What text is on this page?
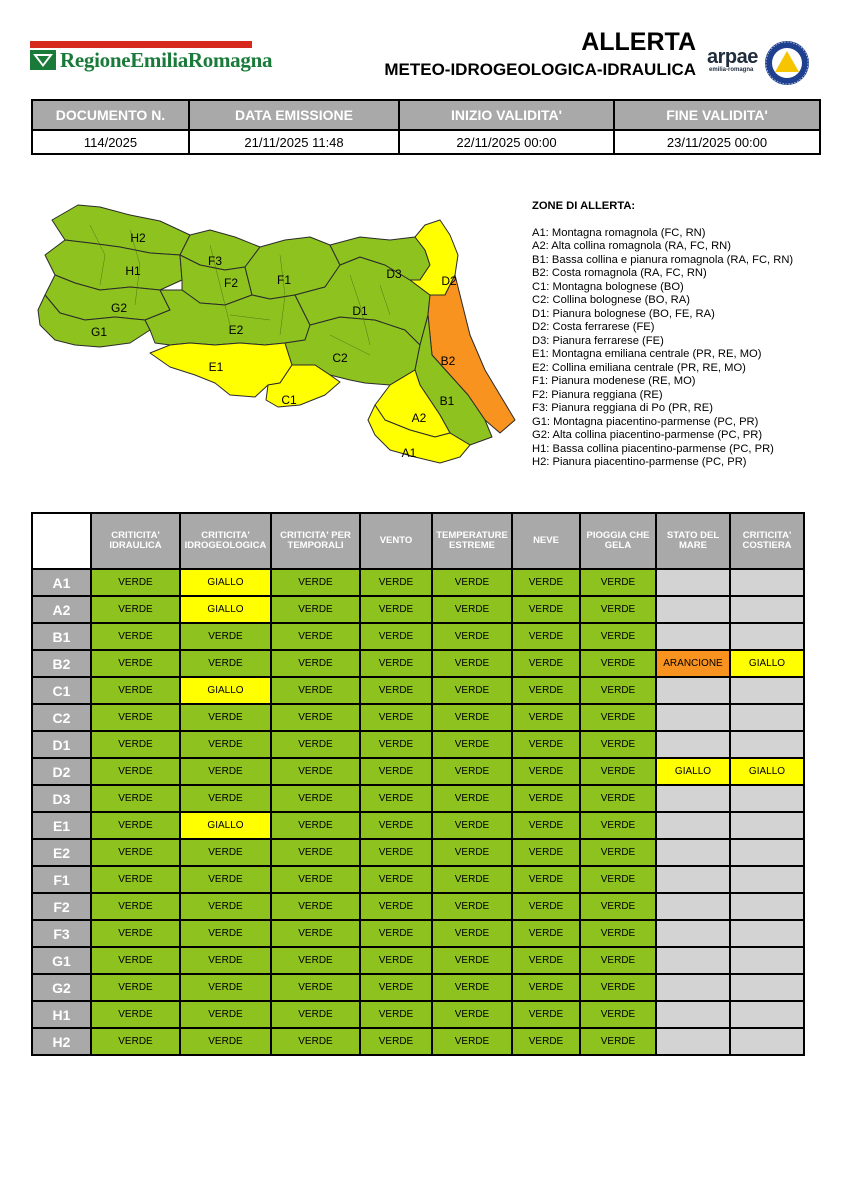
RegioneEmiliaRomagna
ALLERTA
METEO-IDROGEOLOGICA-IDRAULICA
arpae
emilia-romagna
DOCUMENTO N.	DATA EMISSIONE	INIZIO VALIDITA'	FINE VALIDITA'
114/2025	21/11/2025 11:48	22/11/2025 00:00	23/11/2025 00:00
H2
H1
G2
G1
F3
F2	F1
E2
E1
C1
C2
D1
D3	D2
B2
B1
A2
A1
ZONE DI ALLERTA:
A1: Montagna romagnola (FC, RN)
A2: Alta collina romagnola (RA, FC, RN)
B1: Bassa collina e pianura romagnola (RA, FC, RN)
B2: Costa romagnola (RA, FC, RN)
C1: Montagna bolognese (BO)
C2: Collina bolognese (BO, RA)
D1: Pianura bolognese (BO, FE, RA)
D2: Costa ferrarese (FE)
D3: Pianura ferrarese (FE)
E1: Montagna emiliana centrale (PR, RE, MO)
E2: Collina emiliana centrale (PR, RE, MO)
F1: Pianura modenese (RE, MO)
F2: Pianura reggiana (RE)
F3: Pianura reggiana di Po (PR, RE)
G1: Montagna piacentino-parmense (PC, PR)
G2: Alta collina piacentino-parmense (PC, PR)
H1: Bassa collina piacentino-parmense (PC, PR)
H2: Pianura piacentino-parmense (PC, PR)
	CRITICITA' IDRAULICA	CRITICITA' IDROGEOLOGICA	CRITICITA' PER TEMPORALI	VENTO	TEMPERATURE ESTREME	NEVE	PIOGGIA CHE GELA	STATO DEL MARE	CRITICITA' COSTIERA
A1	VERDE	GIALLO	VERDE	VERDE	VERDE	VERDE	VERDE		
A2	VERDE	GIALLO	VERDE	VERDE	VERDE	VERDE	VERDE		
B1	VERDE	VERDE	VERDE	VERDE	VERDE	VERDE	VERDE		
B2	VERDE	VERDE	VERDE	VERDE	VERDE	VERDE	VERDE	ARANCIONE	GIALLO
C1	VERDE	GIALLO	VERDE	VERDE	VERDE	VERDE	VERDE		
C2	VERDE	VERDE	VERDE	VERDE	VERDE	VERDE	VERDE		
D1	VERDE	VERDE	VERDE	VERDE	VERDE	VERDE	VERDE		
D2	VERDE	VERDE	VERDE	VERDE	VERDE	VERDE	VERDE	GIALLO	GIALLO
D3	VERDE	VERDE	VERDE	VERDE	VERDE	VERDE	VERDE		
E1	VERDE	GIALLO	VERDE	VERDE	VERDE	VERDE	VERDE		
E2	VERDE	VERDE	VERDE	VERDE	VERDE	VERDE	VERDE		
F1	VERDE	VERDE	VERDE	VERDE	VERDE	VERDE	VERDE		
F2	VERDE	VERDE	VERDE	VERDE	VERDE	VERDE	VERDE		
F3	VERDE	VERDE	VERDE	VERDE	VERDE	VERDE	VERDE		
G1	VERDE	VERDE	VERDE	VERDE	VERDE	VERDE	VERDE		
G2	VERDE	VERDE	VERDE	VERDE	VERDE	VERDE	VERDE		
H1	VERDE	VERDE	VERDE	VERDE	VERDE	VERDE	VERDE		
H2	VERDE	VERDE	VERDE	VERDE	VERDE	VERDE	VERDE		
